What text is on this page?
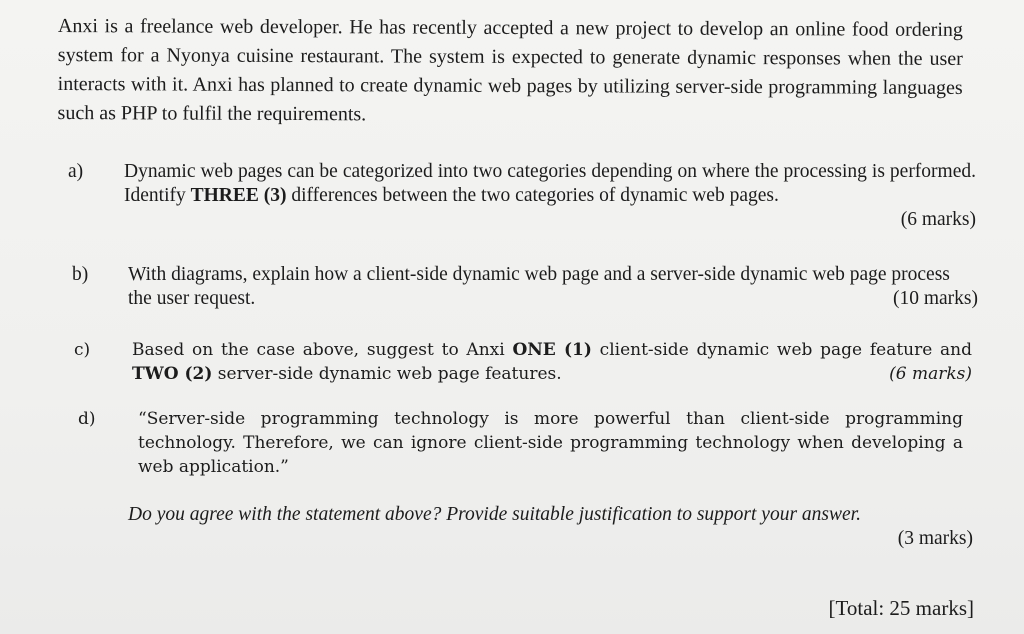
Anxi is a freelance web developer. He has recently accepted a new project to develop an online food ordering system for a Nyonya cuisine restaurant. The system is expected to generate dynamic responses when the user interacts with it. Anxi has planned to create dynamic web pages by utilizing server-side programming languages such as PHP to fulfil the requirements.

a) Dynamic web pages can be categorized into two categories depending on where the processing is performed. Identify THREE (3) differences between the two categories of dynamic web pages.

(6 marks)
b) With diagrams, explain how a client-side dynamic web page and a server-side dynamic web page process the user request.	(10 marks)
c) Based on the case above, suggest to Anxi ONE (1) client-side dynamic web page feature and TWO (2) server-side dynamic web page features.	(6 marks)
d) “Server-side programming technology is more powerful than client-side programming technology. Therefore, we can ignore client-side programming technology when developing a web application.”

Do you agree with the statement above? Provide suitable justification to support your answer.

(3 marks)
[Total: 25 marks]
